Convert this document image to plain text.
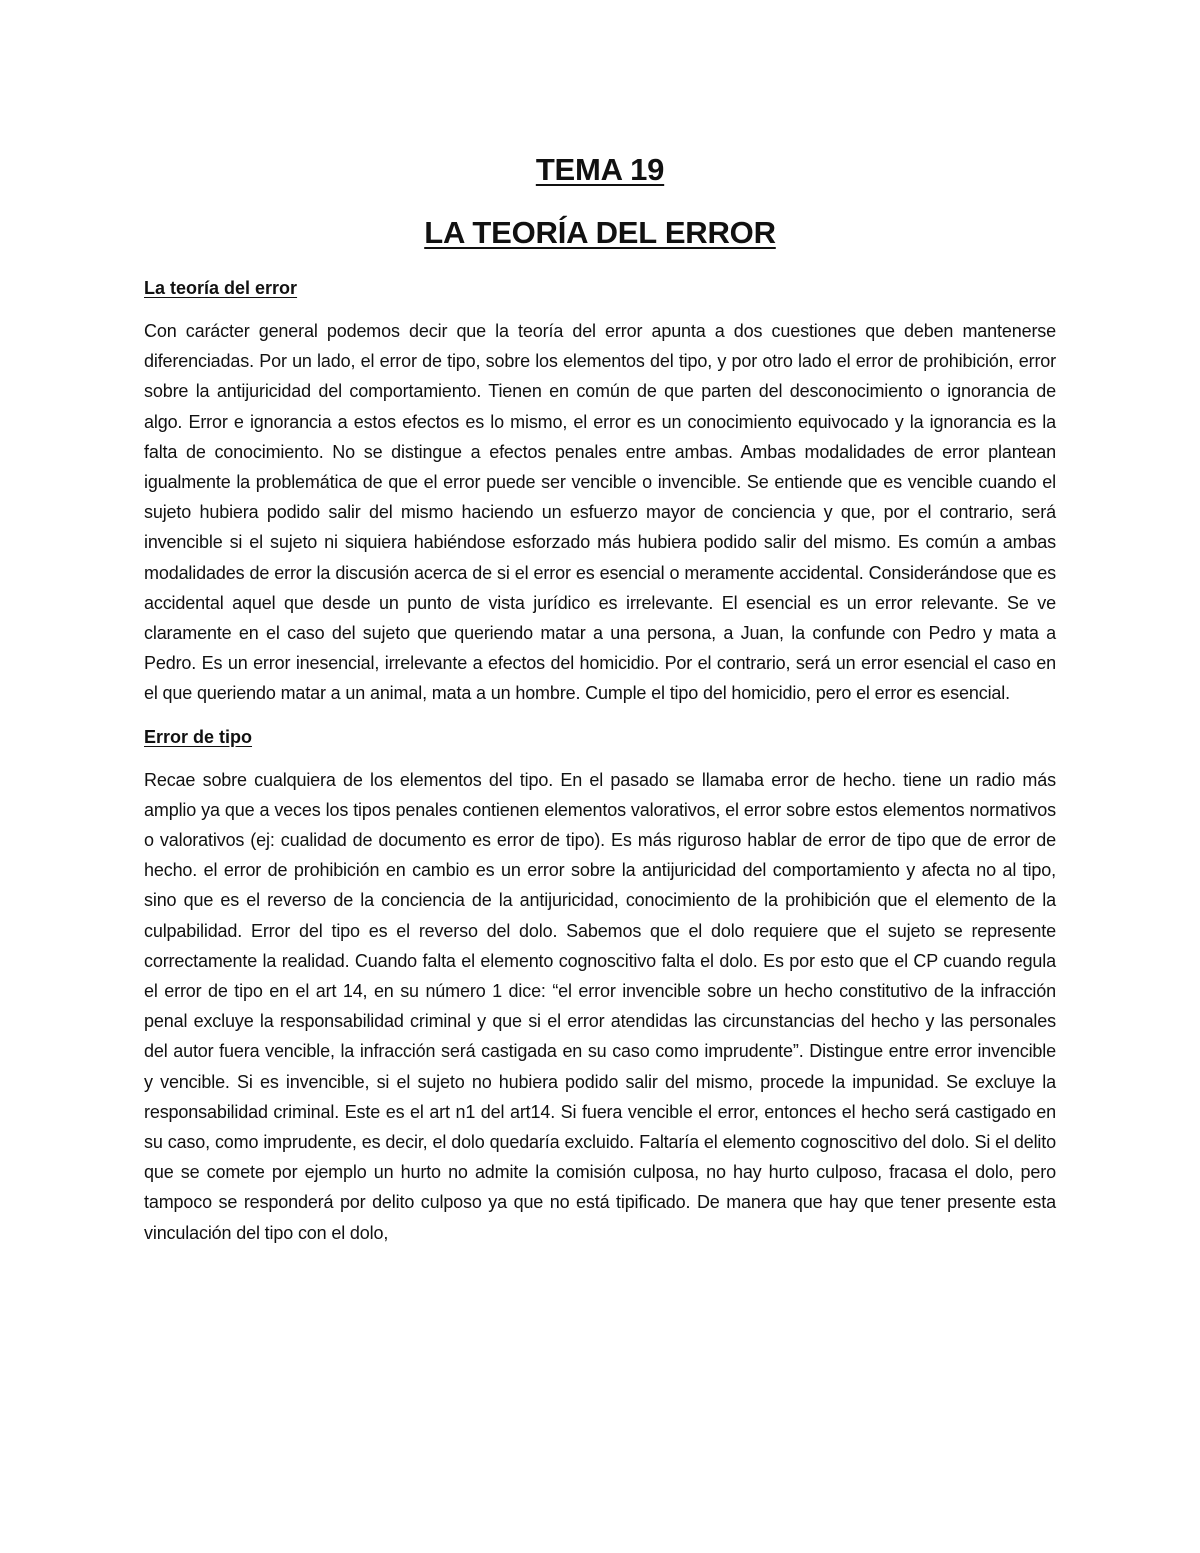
TEMA 19
LA TEORÍA DEL ERROR
La teoría del error

Con carácter general podemos decir que la teoría del error apunta a dos cuestiones que deben mantenerse diferenciadas. Por un lado, el error de tipo, sobre los elementos del tipo, y por otro lado el error de prohibición, error sobre la antijuricidad del comportamiento. Tienen en común de que parten del desconocimiento o ignorancia de algo. Error e ignorancia a estos efectos es lo mismo, el error es un conocimiento equivocado y la ignorancia es la falta de conocimiento. No se distingue a efectos penales entre ambas. Ambas modalidades de error plantean igualmente la problemática de que el error puede ser vencible o invencible. Se entiende que es vencible cuando el sujeto hubiera podido salir del mismo haciendo un esfuerzo mayor de conciencia y que, por el contrario, será invencible si el sujeto ni siquiera habiéndose esforzado más hubiera podido salir del mismo. Es común a ambas modalidades de error la discusión acerca de si el error es esencial o meramente accidental. Considerándose que es accidental aquel que desde un punto de vista jurídico es irrelevante. El esencial es un error relevante. Se ve claramente en el caso del sujeto que queriendo matar a una persona, a Juan, la confunde con Pedro y mata a Pedro. Es un error inesencial, irrelevante a efectos del homicidio. Por el contrario, será un error esencial el caso en el que queriendo matar a un animal, mata a un hombre. Cumple el tipo del homicidio, pero el error es esencial.

Error de tipo

Recae sobre cualquiera de los elementos del tipo. En el pasado se llamaba error de hecho. tiene un radio más amplio ya que a veces los tipos penales contienen elementos valorativos, el error sobre estos elementos normativos o valorativos (ej: cualidad de documento es error de tipo). Es más riguroso hablar de error de tipo que de error de hecho. el error de prohibición en cambio es un error sobre la antijuricidad del comportamiento y afecta no al tipo, sino que es el reverso de la conciencia de la antijuricidad, conocimiento de la prohibición que el elemento de la culpabilidad. Error del tipo es el reverso del dolo. Sabemos que el dolo requiere que el sujeto se represente correctamente la realidad. Cuando falta el elemento cognoscitivo falta el dolo. Es por esto que el CP cuando regula el error de tipo en el art 14, en su número 1 dice: “el error invencible sobre un hecho constitutivo de la infracción penal excluye la responsabilidad criminal y que si el error atendidas las circunstancias del hecho y las personales del autor fuera vencible, la infracción será castigada en su caso como imprudente”. Distingue entre error invencible y vencible. Si es invencible, si el sujeto no hubiera podido salir del mismo, procede la impunidad. Se excluye la responsabilidad criminal. Este es el art n1 del art14. Si fuera vencible el error, entonces el hecho será castigado en su caso, como imprudente, es decir, el dolo quedaría excluido. Faltaría el elemento cognoscitivo del dolo. Si el delito que se comete por ejemplo un hurto no admite la comisión culposa, no hay hurto culposo, fracasa el dolo, pero tampoco se responderá por delito culposo ya que no está tipificado. De manera que hay que tener presente esta vinculación del tipo con el dolo,
